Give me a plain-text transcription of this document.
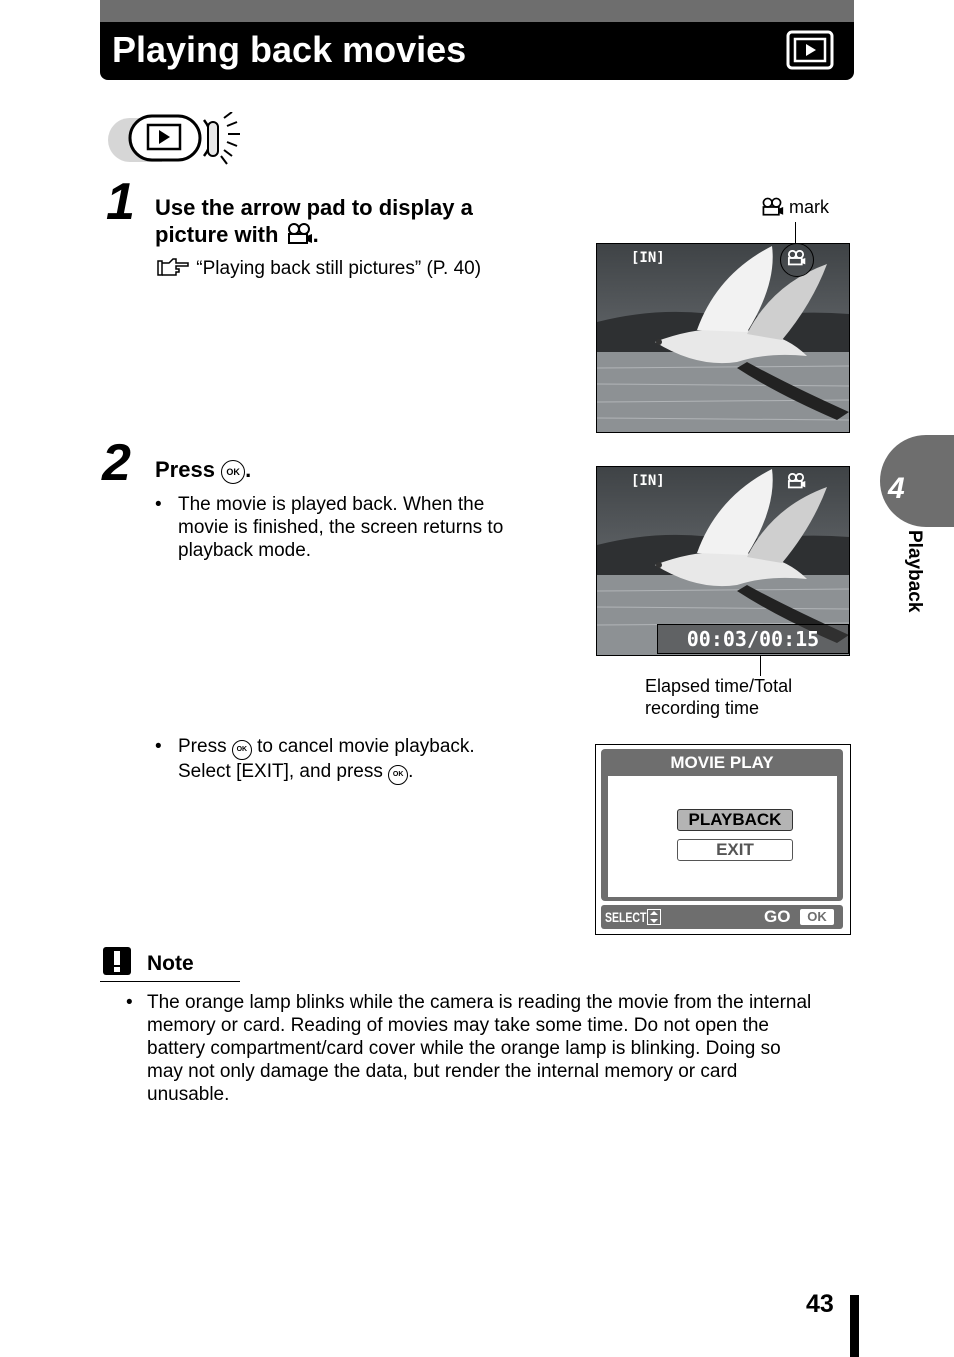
Playing back movies
1 Use the arrow pad to display a
picture with .
“Playing back still pictures” (P. 40)
mark
[IN]
2 Press OK .
• The movie is played back. When the
movie is finished, the screen returns to
playback mode.
[IN]
00:03/00:15
Elapsed time/Total
recording time
• Press OK to cancel movie playback.
Select [EXIT], and press OK .	MOVIE PLAY
PLAYBACK
EXIT
SELECT	GO	OK
Note
• The orange lamp blinks while the camera is reading the movie from the internal
memory or card. Reading of movies may take some time. Do not open the
battery compartment/card cover while the orange lamp is blinking. Doing so
may not only damage the data, but render the internal memory or card
unusable.
4
Playback
43
